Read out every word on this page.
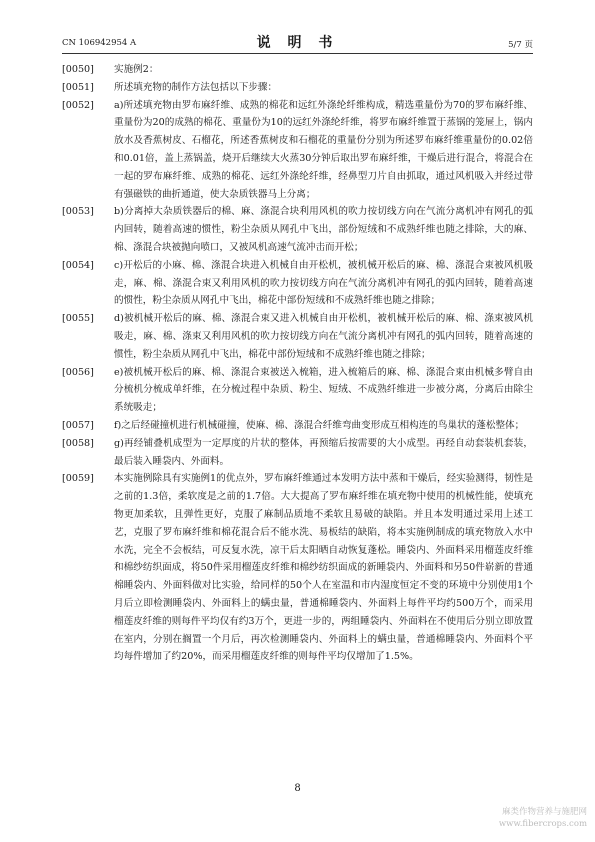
CN 106942954 A	说 明 书	5/7 页

[0050] 实施例2：

[0051] 所述填充物的制作方法包括以下步骤：

[0052] a)所述填充物由罗布麻纤维、成熟的棉花和远红外涤纶纤维构成，精选重量份为70的罗布麻纤维、重量份为20的成熟的棉花、重量份为10的远红外涤纶纤维，将罗布麻纤维置于蒸锅的笼屉上，锅内放水及香蕉树皮、石榴花，所述香蕉树皮和石榴花的重量份分别为所述罗布麻纤维重量份的0.02倍和0.01倍，盖上蒸锅盖，烧开后继续大火蒸30分钟后取出罗布麻纤维，干燥后进行混合，将混合在一起的罗布麻纤维、成熟的棉花、远红外涤纶纤维，经鼻型刀片自由抓取，通过风机吸入并经过带有强磁铁的曲折通道，使大杂质铁器马上分离；

[0053] b)分离掉大杂质铁器后的棉、麻、涤混合块利用风机的吹力按切线方向在气流分离机冲有网孔的弧内回转，随着高速的惯性，粉尘杂质从网孔中飞出，部份短绒和不成熟纤维也随之排除，大的麻、棉、涤混合块被抛向喷口，又被风机高速气流冲击而开松；

[0054] c)开松后的小麻、棉、涤混合块进入机械自由开松机，被机械开松后的麻、棉、涤混合束被风机吸走，麻、棉、涤混合束又利用风机的吹力按切线方向在气流分离机冲有网孔的弧内回转，随着高速的惯性，粉尘杂质从网孔中飞出，棉花中部份短绒和不成熟纤维也随之排除；

[0055] d)被机械开松后的麻、棉、涤混合束又进入机械自由开松机，被机械开松后的麻、棉、涤束被风机吸走，麻、棉、涤束又利用风机的吹力按切线方向在气流分离机冲有网孔的弧内回转，随着高速的惯性，粉尘杂质从网孔中飞出，棉花中部份短绒和不成熟纤维也随之排除；

[0056] e)被机械开松后的麻、棉、涤混合束被送入梳箱，进入梳箱后的麻、棉、涤混合束由机械多臂自由分梳机分梳成单纤维，在分梳过程中杂质、粉尘、短绒、不成熟纤维进一步被分离，分离后由除尘系统吸走；

[0057] f)之后经碰撞机进行机械碰撞，使麻、棉、涤混合纤维弯曲变形成互相构连的鸟巢状的蓬松整体；

[0058] g)再经铺叠机成型为一定厚度的片状的整体，再预缩后按需要的大小成型。再经自动套装机套装，最后装入睡袋内、外面料。

[0059] 本实施例除具有实施例1的优点外，罗布麻纤维通过本发明方法中蒸和干燥后，经实验测得，韧性是之前的1.3倍，柔软度是之前的1.7倍。大大提高了罗布麻纤维在填充物中使用的机械性能，使填充物更加柔软，且弹性更好，克服了麻制品质地不柔软且易破的缺陷。并且本发明通过采用上述工艺，克服了罗布麻纤维和棉花混合后不能水洗、易板结的缺陷，将本实施例制成的填充物放入水中水洗，完全不会板结，可反复水洗，凉干后太阳晒自动恢复蓬松。睡袋内、外面料采用榴莲皮纤维和棉纱纺织面成，将50件采用榴莲皮纤维和棉纱纺织面成的新睡袋内、外面料和另50件崭新的普通棉睡袋内、外面料做对比实验，给同样的50个人在室温和市内湿度恒定不变的环境中分别使用1个月后立即检测睡袋内、外面料上的螨虫量，普通棉睡袋内、外面料上每件平均约500万个，而采用榴莲皮纤维的则每件平均仅有约3万个，更进一步的，两组睡袋内、外面料在不使用后分别立即放置在室内，分别在搁置一个月后，再次检测睡袋内、外面料上的螨虫量，普通棉睡袋内、外面料个平均每件增加了约20%，而采用榴莲皮纤维的则每件平均仅增加了1.5%。

8
麻类作物营养与施肥网
www.fibercrops.com
